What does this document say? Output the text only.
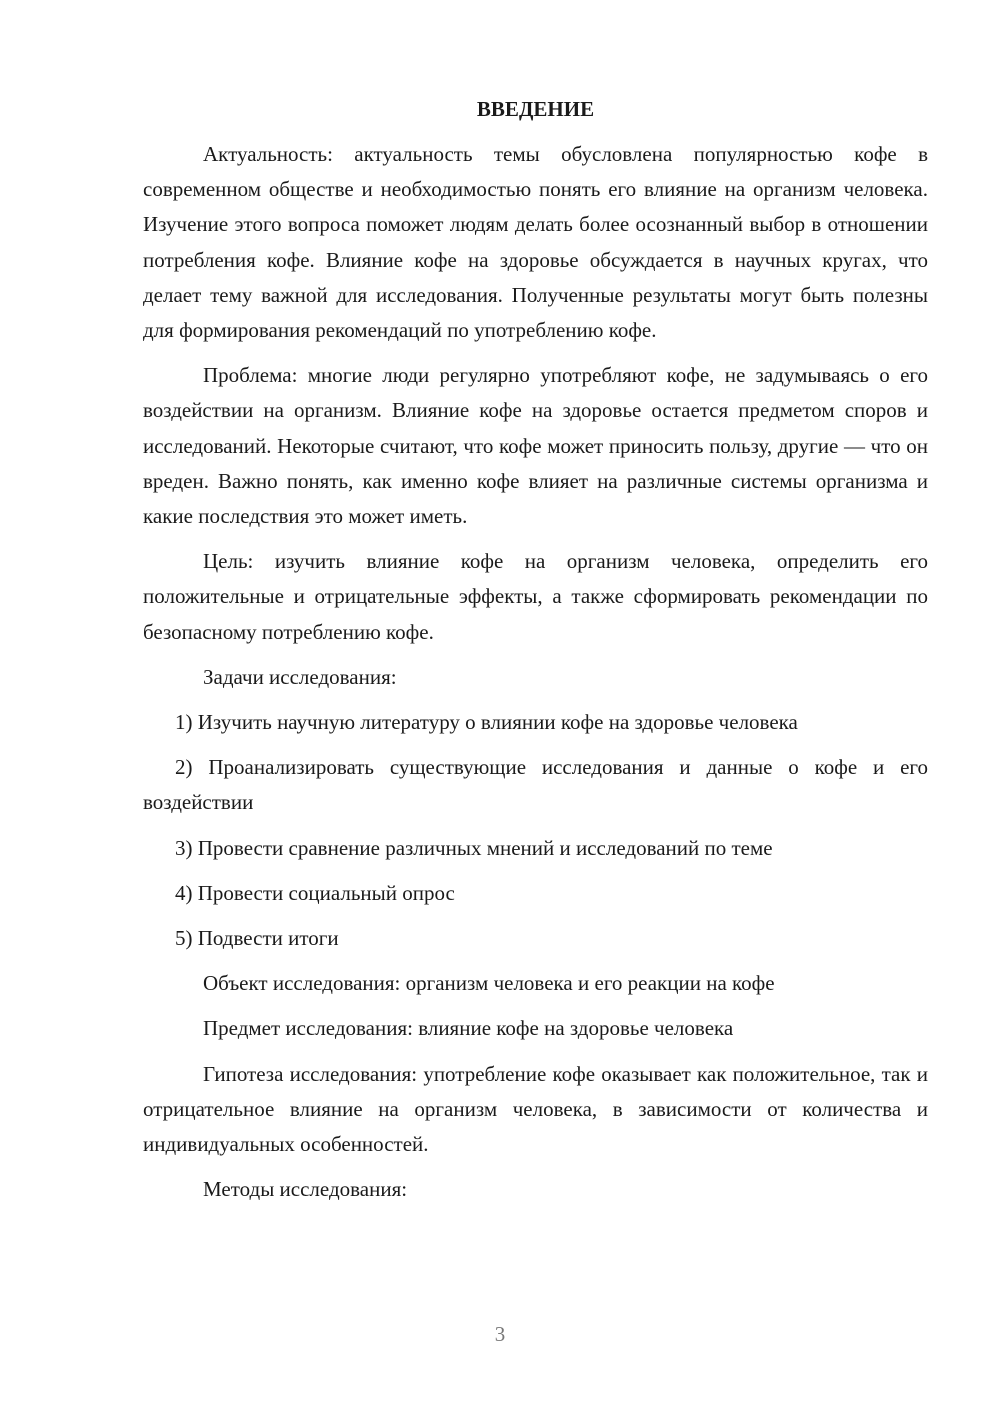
ВВЕДЕНИЕ

Актуальность: актуальность темы обусловлена популярностью кофе в современном обществе и необходимостью понять его влияние на организм человека. Изучение этого вопроса поможет людям делать более осознанный выбор в отношении потребления кофе. Влияние кофе на здоровье обсуждается в научных кругах, что делает тему важной для исследования. Полученные результаты могут быть полезны для формирования рекомендаций по употреблению кофе.

Проблема: многие люди регулярно употребляют кофе, не задумываясь о его воздействии на организм. Влияние кофе на здоровье остается предметом споров и исследований. Некоторые считают, что кофе может приносить пользу, другие — что он вреден. Важно понять, как именно кофе влияет на различные системы организма и какие последствия это может иметь.

Цель: изучить влияние кофе на организм человека, определить его положительные и отрицательные эффекты, а также сформировать рекомендации по безопасному потреблению кофе.

Задачи исследования:

1) Изучить научную литературу о влиянии кофе на здоровье человека

2) Проанализировать существующие исследования и данные о кофе и его воздействии

3) Провести сравнение различных мнений и исследований по теме

4) Провести социальный опрос

5) Подвести итоги

Объект исследования: организм человека и его реакции на кофе

Предмет исследования: влияние кофе на здоровье человека

Гипотеза исследования: употребление кофе оказывает как положительное, так и отрицательное влияние на организм человека, в зависимости от количества и индивидуальных особенностей.

Методы исследования:

3
